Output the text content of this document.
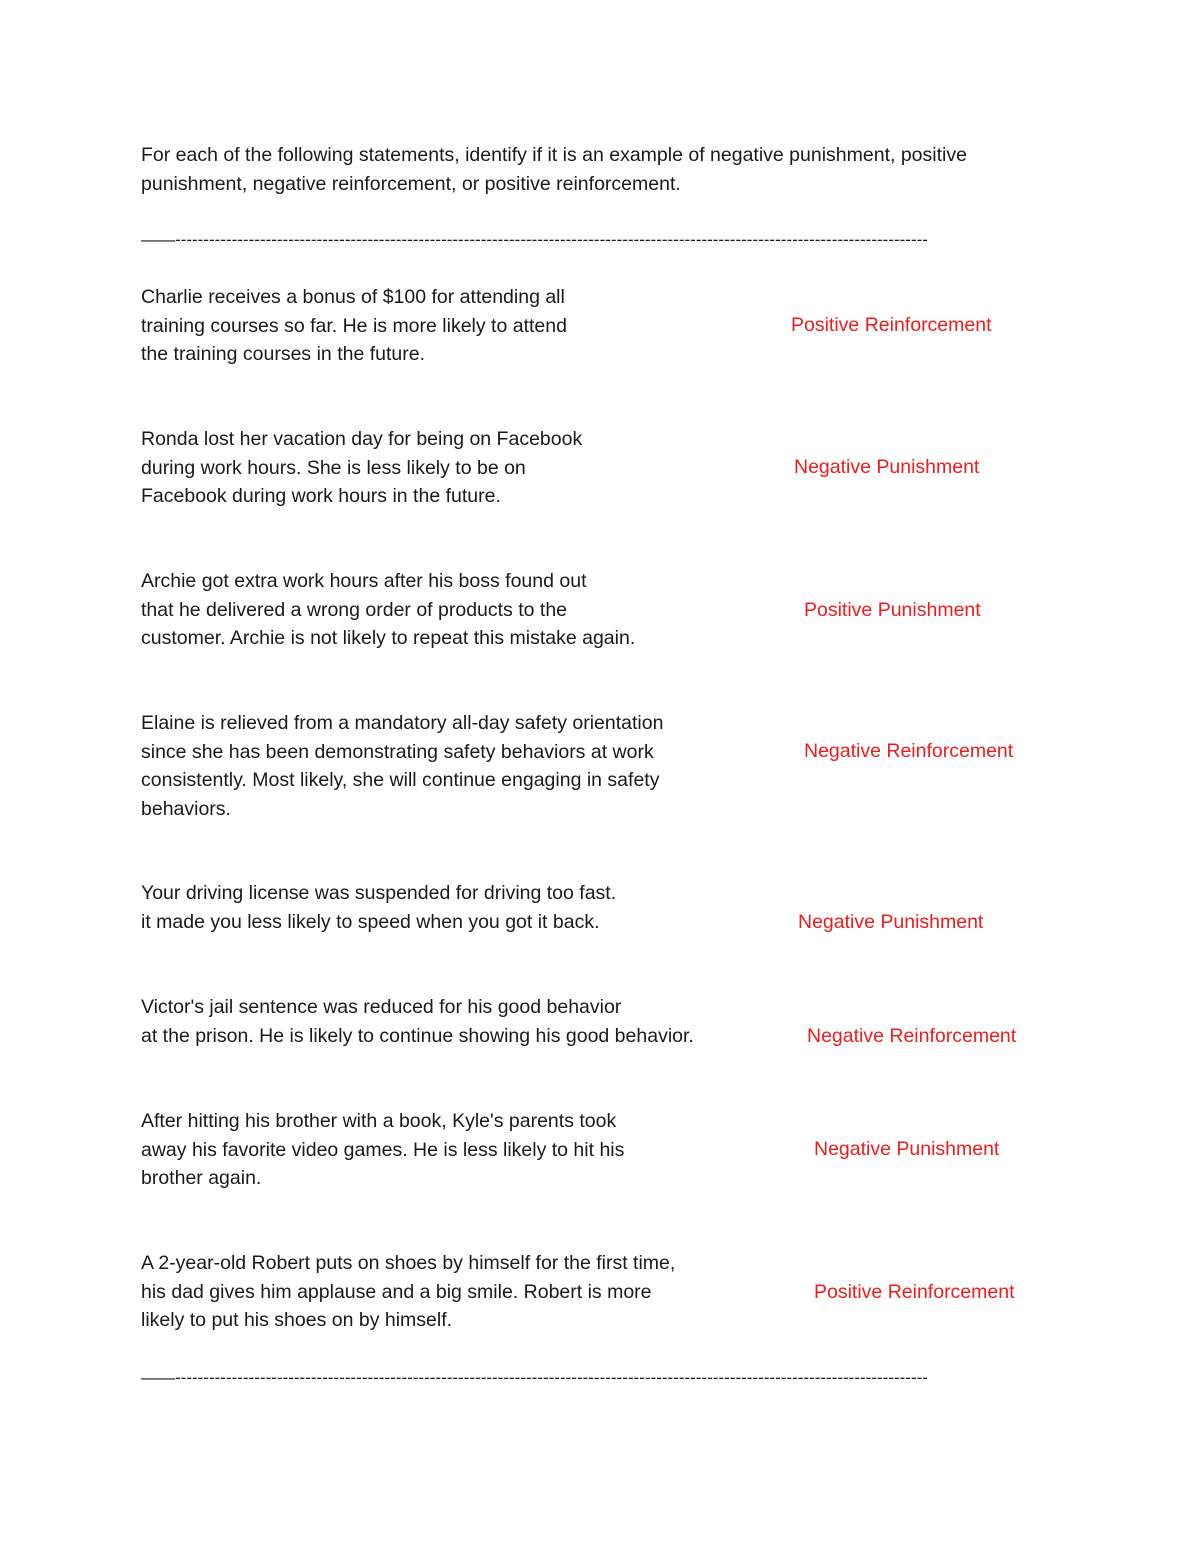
For each of the following statements, identify if it is an example of negative punishment, positive
punishment, negative reinforcement, or positive reinforcement.
——-------------------------------------------------------------------------------------------------------------------------------------
Charlie receives a bonus of $100 for attending all
training courses so far. He is more likely to attend
the training courses in the future.
Positive Reinforcement
Ronda lost her vacation day for being on Facebook
during work hours. She is less likely to be on
Facebook during work hours in the future.
Negative Punishment
Archie got extra work hours after his boss found out
that he delivered a wrong order of products to the
customer. Archie is not likely to repeat this mistake again.
Positive Punishment
Elaine is relieved from a mandatory all-day safety orientation
since she has been demonstrating safety behaviors at work
consistently. Most likely, she will continue engaging in safety
behaviors.
Negative Reinforcement
Your driving license was suspended for driving too fast.
it made you less likely to speed when you got it back.	Negative Punishment
Victor's jail sentence was reduced for his good behavior
at the prison. He is likely to continue showing his good behavior.	Negative Reinforcement
After hitting his brother with a book, Kyle's parents took
away his favorite video games. He is less likely to hit his
brother again.
Negative Punishment
A 2-year-old Robert puts on shoes by himself for the first time,
his dad gives him applause and a big smile. Robert is more
likely to put his shoes on by himself.
Positive Reinforcement
——-------------------------------------------------------------------------------------------------------------------------------------
